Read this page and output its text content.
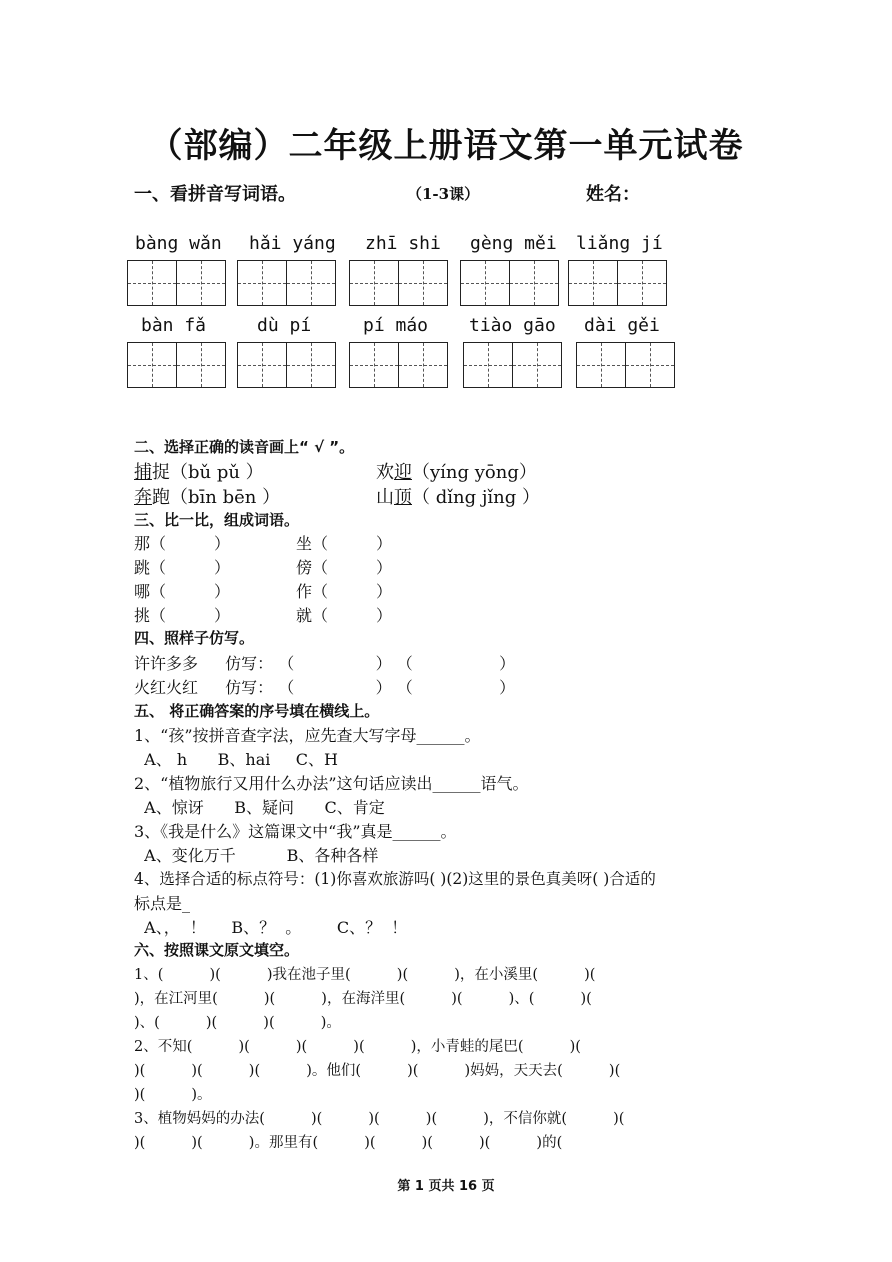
（部编）二年级上册语文第一单元试卷
一、看拼音写词语。	（1-3课）	姓名：
bàng wǎn	hǎi yáng	zhī shi	gèng měi	liǎng jí
bàn fǎ	dù pí	pí máo	tiào gāo	dài gěi
二、选择正确的读音画上“ √ ”。
捕捉（bǔ pǔ ）	欢迎（yíng yōng）
奔跑（bīn bēn ）	山顶（ dǐng jǐng ）
三、比一比，组成词语。
那（　　　）	坐（　　　）
跳（　　　）	傍（　　　）
哪（　　　）	作（　　　）
挑（　　　）	就（　　　）
四、照样子仿写。
许许多多 仿写： （                ） （                 ）
火红火红 仿写： （                ） （                 ）
五、 将正确答案的序号填在横线上。
1、“孩”按拼音查字法，应先查大写字母______。
A、 h      B、hai     C、H
2、“植物旅行又用什么办法”这句话应读出______语气。
A、惊讶      B、疑问      C、肯定
3、《我是什么》这篇课文中“我”真是______。
A、变化万千          B、各种各样
4、选择合适的标点符号：(1)你喜欢旅游吗( )(2)这里的景色真美呀( )合适的
标点是_
A、，  ！     B、？  。       C、？  ！
六、按照课文原文填空。
1、(          )(          )我在池子里(          )(          )，在小溪里(          )(
)，在江河里(          )(          )，在海洋里(          )(          )、(          )(
)、(          )(          )(          )。
2、不知(          )(          )(          )(          )，小青蛙的尾巴(          )(
)(          )(          )(          )。他们(          )(          )妈妈，天天去(          )(
)(          )。
3、植物妈妈的办法(          )(          )(          )(          )，不信你就(          )(
)(          )(          )。那里有(          )(          )(          )(          )的(
第 1 页共 16 页
